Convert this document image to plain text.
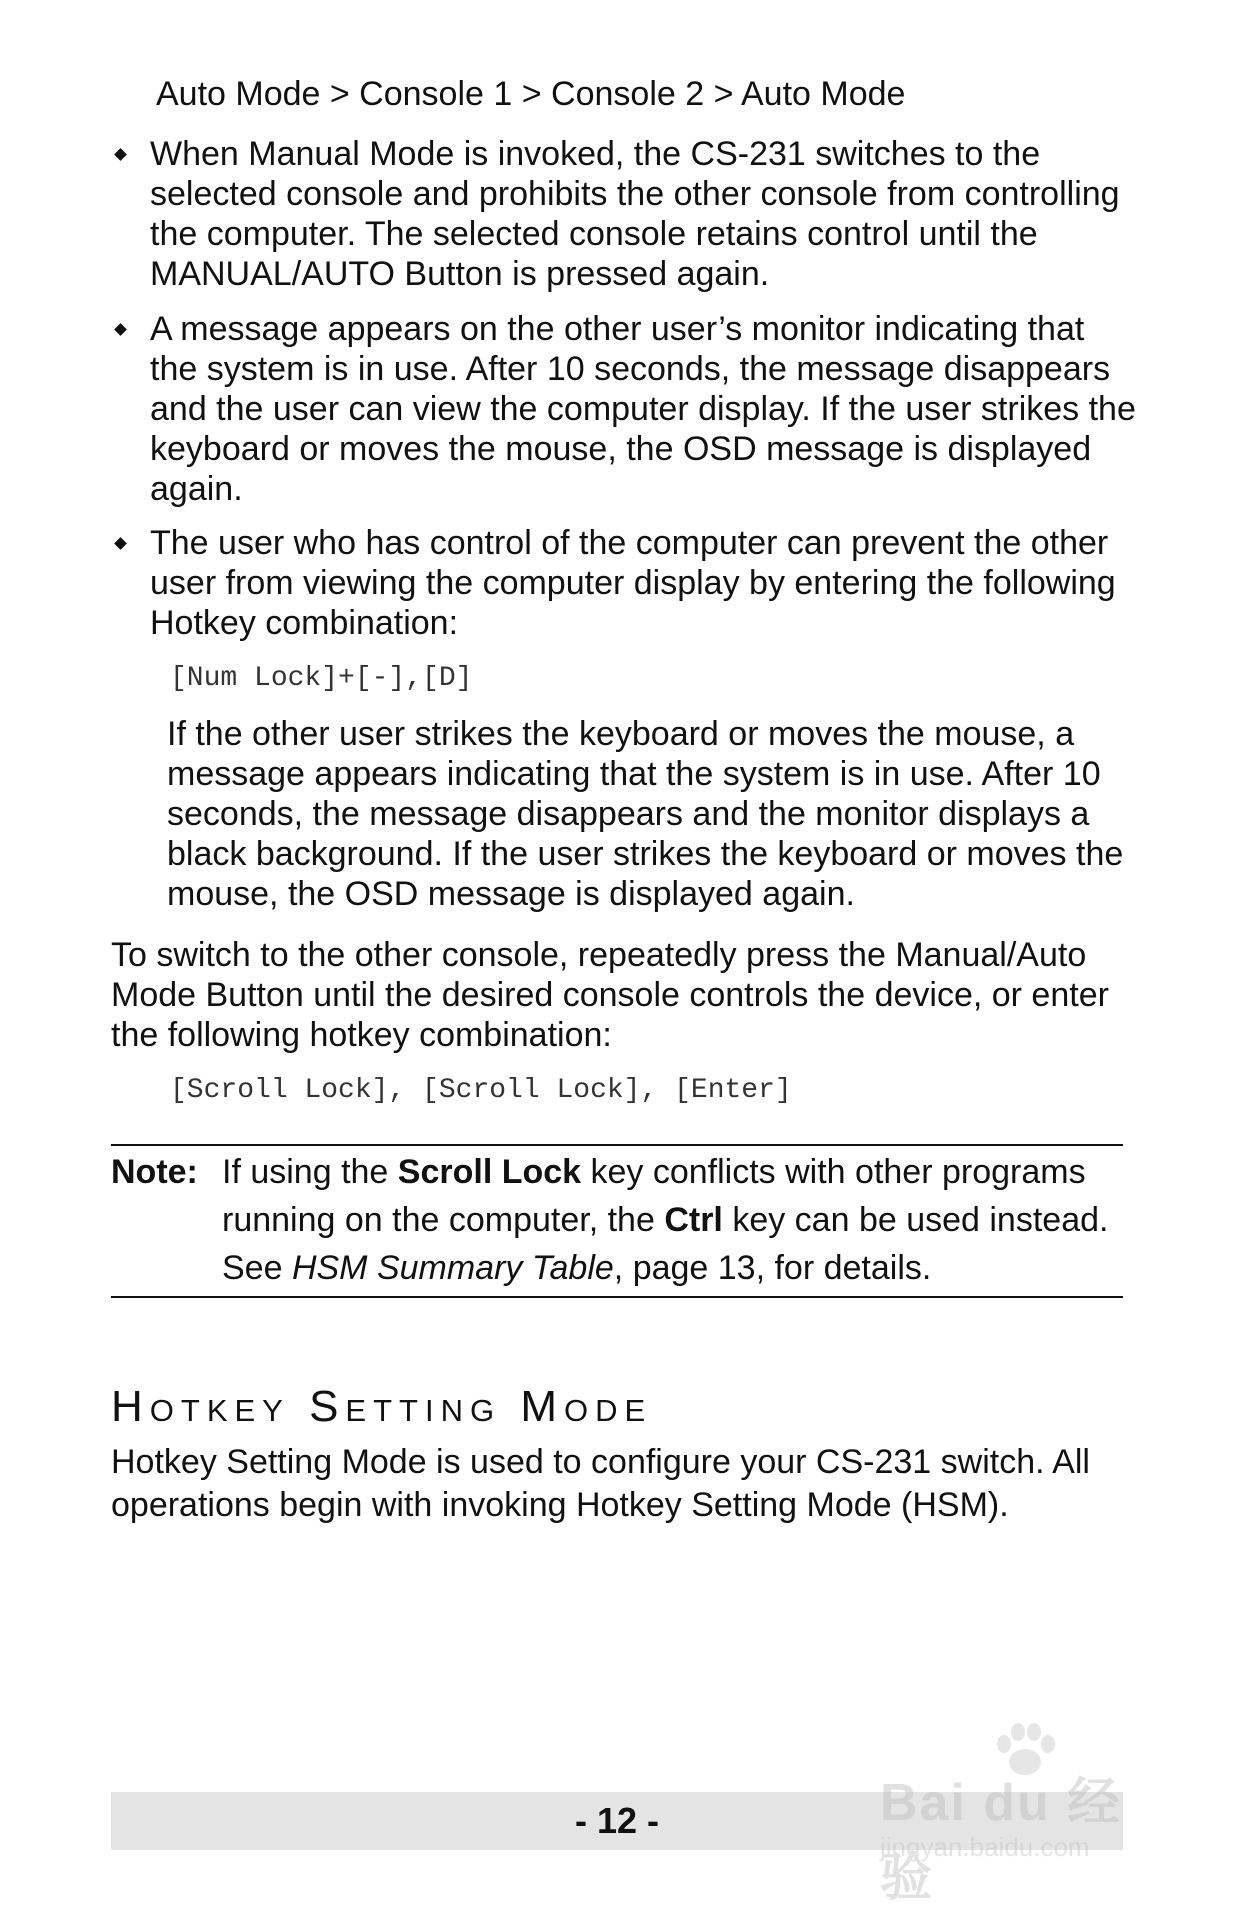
Auto Mode > Console 1 > Console 2 > Auto Mode

When Manual Mode is invoked, the CS-231 switches to the selected console and prohibits the other console from controlling the computer. The selected console retains control until the MANUAL/AUTO Button is pressed again.

A message appears on the other user’s monitor indicating that the system is in use. After 10 seconds, the message disappears and the user can view the computer display. If the user strikes the keyboard or moves the mouse, the OSD message is displayed again.

The user who has control of the computer can prevent the other user from viewing the computer display by entering the following Hotkey combination:

[Num Lock]+[-],[D]

If the other user strikes the keyboard or moves the mouse, a message appears indicating that the system is in use. After 10 seconds, the message disappears and the monitor displays a black background. If the user strikes the keyboard or moves the mouse, the OSD message is displayed again.

To switch to the other console, repeatedly press the Manual/Auto Mode Button until the desired console controls the device, or enter the following hotkey combination:

[Scroll Lock], [Scroll Lock], [Enter]

Note: If using the Scroll Lock key conflicts with other programs running on the computer, the Ctrl key can be used instead. See HSM Summary Table, page 13, for details.

Hotkey Setting Mode

Hotkey Setting Mode is used to configure your CS-231 switch. All operations begin with invoking Hotkey Setting Mode (HSM).

- 12 -	Bai du 经验
jingyan.baidu.com
